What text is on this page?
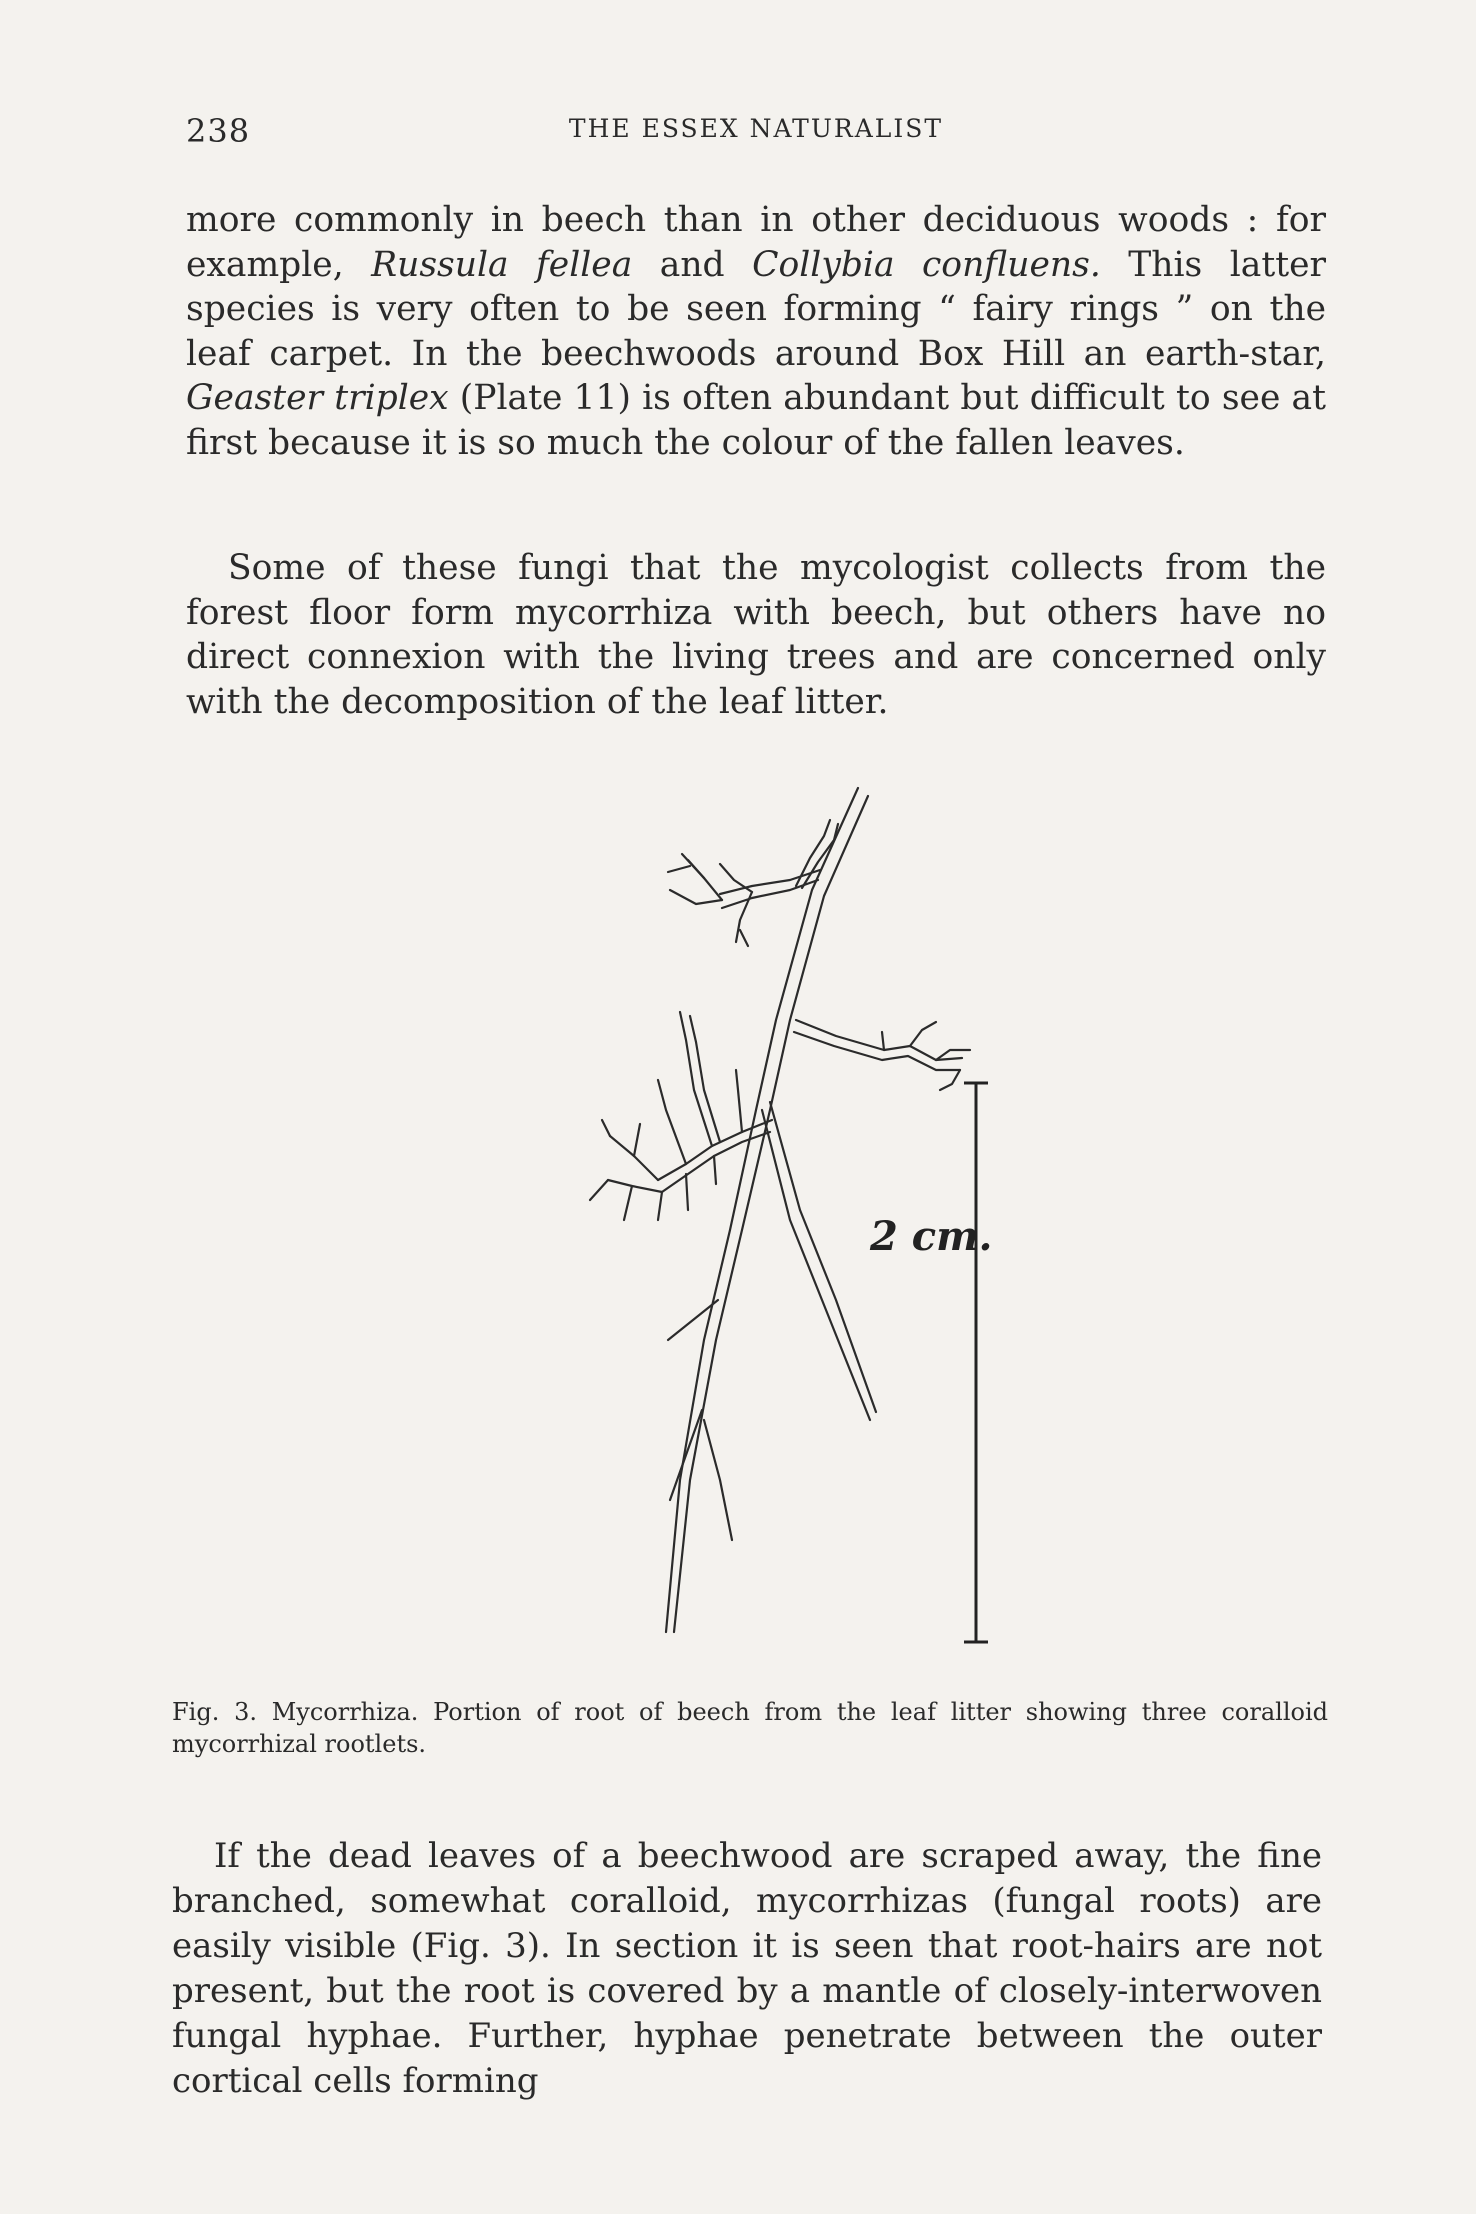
238	THE ESSEX NATURALIST

more commonly in beech than in other deciduous woods : for example, Russula fellea and Collybia confluens. This latter species is very often to be seen forming “ fairy rings ” on the leaf carpet. In the beechwoods around Box Hill an earth-star, Geaster triplex (Plate 11) is often abundant but difficult to see at first because it is so much the colour of the fallen leaves.

Some of these fungi that the mycologist collects from the forest floor form mycorrhiza with beech, but others have no direct connexion with the living trees and are concerned only with the decomposition of the leaf litter.

2 cm.

Fig. 3. Mycorrhiza. Portion of root of beech from the leaf litter showing three coralloid mycorrhizal rootlets.

If the dead leaves of a beechwood are scraped away, the fine branched, somewhat coralloid, mycorrhizas (fungal roots) are easily visible (Fig. 3). In section it is seen that root-hairs are not present, but the root is covered by a mantle of closely-interwoven fungal hyphae. Further, hyphae penetrate between the outer cortical cells forming
